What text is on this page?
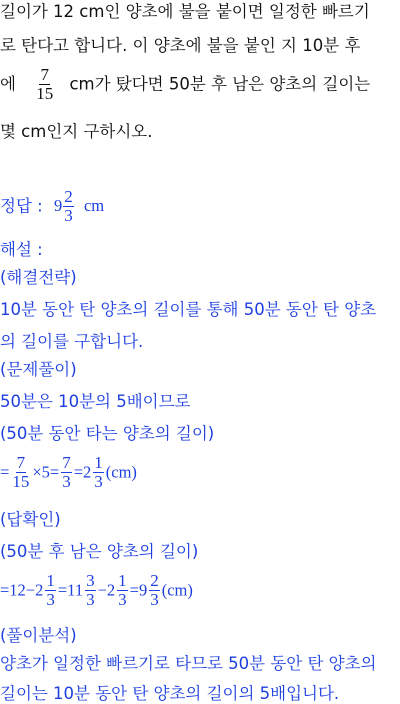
길이가 12 cm인 양초에 불을 붙이면 일정한 빠르기
로 탄다고 합니다. 이 양초에 불을 붙인 지 10분 후
에 $\frac{7}{15}$ cm가 탔다면 50분 후 남은 양초의 길이는
몇 cm인지 구하시오.
정답 : $9 \frac{2}{3}$ cm
해설 :
(해결전략)
10분 동안 탄 양초의 길이를 통해 50분 동안 탄 양초
의 길이를 구합니다.
(문제풀이)
50분은 10분의 5배이므로
(50분 동안 타는 양초의 길이)
= $\frac{7}{15} \times 5= \frac{7}{3} =2 \frac{1}{3} (cm)$
(답확인)
(50분 후 남은 양초의 길이)
$=12-2 \frac{1}{3} =11 \frac{3}{3} -2 \frac{1}{3} =9 \frac{2}{3} (cm)$
(풀이분석)
양초가 일정한 빠르기로 타므로 50분 동안 탄 양초의
길이는 10분 동안 탄 양초의 길이의 5배입니다.
